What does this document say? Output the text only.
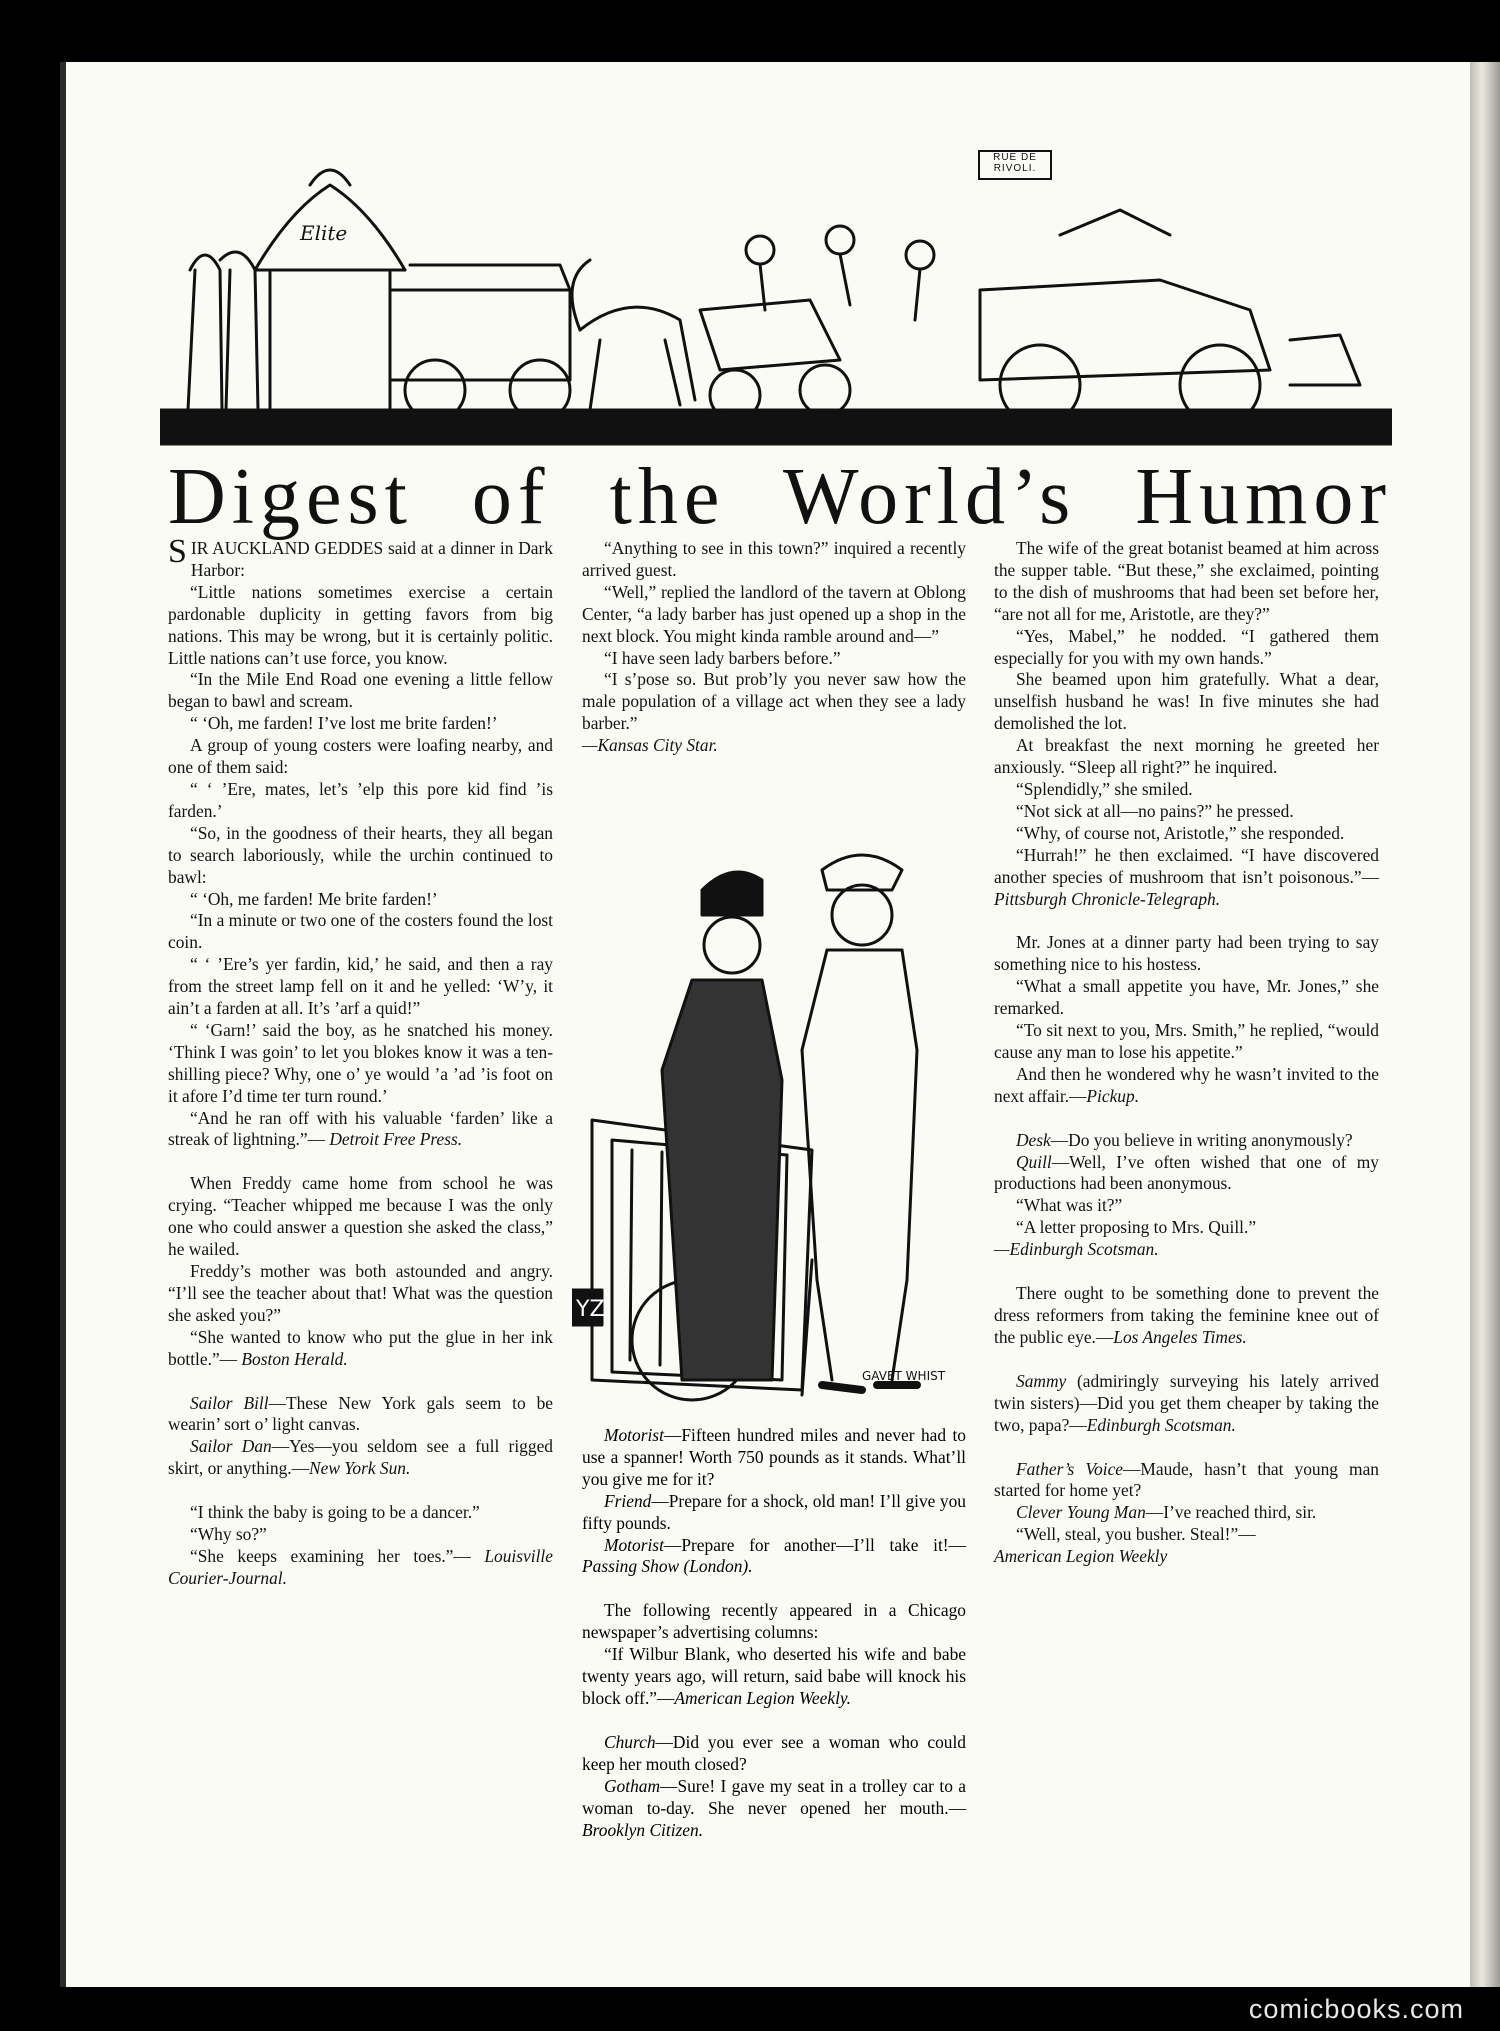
Elite
RUE DE
RIVOLI.
Digest of the World’s Humor

SIR AUCKLAND GEDDES said at a dinner in Dark Harbor:

“Little nations sometimes exercise a certain pardonable duplicity in getting favors from big nations. This may be wrong, but it is certainly politic. Little nations can’t use force, you know.

“In the Mile End Road one evening a little fellow began to bawl and scream.

“ ‘Oh, me farden! I’ve lost me brite farden!’

A group of young costers were loafing nearby, and one of them said:

“ ‘ ’Ere, mates, let’s ’elp this pore kid find ’is farden.’

“So, in the goodness of their hearts, they all began to search laboriously, while the urchin continued to bawl:

“ ‘Oh, me farden! Me brite farden!’

“In a minute or two one of the costers found the lost coin.

“ ‘ ’Ere’s yer fardin, kid,’ he said, and then a ray from the street lamp fell on it and he yelled: ‘W’y, it ain’t a farden at all. It’s ’arf a quid!”

“ ‘Garn!’ said the boy, as he snatched his money. ‘Think I was goin’ to let you blokes know it was a ten-shilling piece? Why, one o’ ye would ’a ’ad ’is foot on it afore I’d time ter turn round.’

“And he ran off with his valuable ‘farden’ like a streak of lightning.”— Detroit Free Press.

When Freddy came home from school he was crying. “Teacher whipped me because I was the only one who could answer a question she asked the class,” he wailed.

Freddy’s mother was both astounded and angry. “I’ll see the teacher about that! What was the question she asked you?”

“She wanted to know who put the glue in her ink bottle.”— Boston Herald.

Sailor Bill—These New York gals seem to be wearin’ sort o’ light canvas.

Sailor Dan—Yes—you seldom see a full rigged skirt, or anything.—New York Sun.

“I think the baby is going to be a dancer.”

“Why so?”

“She keeps examining her toes.”— Louisville Courier-Journal.

“Anything to see in this town?” inquired a recently arrived guest.

“Well,” replied the landlord of the tavern at Oblong Center, “a lady barber has just opened up a shop in the next block. You might kinda ramble around and—”

“I have seen lady barbers before.”

“I s’pose so. But prob’ly you never saw how the male population of a village act when they see a lady barber.”

—Kansas City Star.

YZ
GAVET WHIST

Motorist—Fifteen hundred miles and never had to use a spanner! Worth 750 pounds as it stands. What’ll you give me for it?

Friend—Prepare for a shock, old man! I’ll give you fifty pounds.

Motorist—Prepare for another—I’ll take it!—Passing Show (London).

The following recently appeared in a Chicago newspaper’s advertising columns:

“If Wilbur Blank, who deserted his wife and babe twenty years ago, will return, said babe will knock his block off.”—American Legion Weekly.

Church—Did you ever see a woman who could keep her mouth closed?

Gotham—Sure! I gave my seat in a trolley car to a woman to-day. She never opened her mouth.—Brooklyn Citizen.

The wife of the great botanist beamed at him across the supper table. “But these,” she exclaimed, pointing to the dish of mushrooms that had been set before her, “are not all for me, Aristotle, are they?”

“Yes, Mabel,” he nodded. “I gathered them especially for you with my own hands.”

She beamed upon him gratefully. What a dear, unselfish husband he was! In five minutes she had demolished the lot.

At breakfast the next morning he greeted her anxiously. “Sleep all right?” he inquired.

“Splendidly,” she smiled.

“Not sick at all—no pains?” he pressed.

“Why, of course not, Aristotle,” she responded.

“Hurrah!” he then exclaimed. “I have discovered another species of mushroom that isn’t poisonous.”— Pittsburgh Chronicle-Telegraph.

Mr. Jones at a dinner party had been trying to say something nice to his hostess.

“What a small appetite you have, Mr. Jones,” she remarked.

“To sit next to you, Mrs. Smith,” he replied, “would cause any man to lose his appetite.”

And then he wondered why he wasn’t invited to the next affair.—Pickup.

Desk—Do you believe in writing anonymously?

Quill—Well, I’ve often wished that one of my productions had been anonymous.

“What was it?”

“A letter proposing to Mrs. Quill.”

—Edinburgh Scotsman.

There ought to be something done to prevent the dress reformers from taking the feminine knee out of the public eye.—Los Angeles Times.

Sammy (admiringly surveying his lately arrived twin sisters)—Did you get them cheaper by taking the two, papa?—Edinburgh Scotsman.

Father’s Voice—Maude, hasn’t that young man started for home yet?

Clever Young Man—I’ve reached third, sir.

“Well, steal, you busher. Steal!”—

American Legion Weekly

comicbooks.com
